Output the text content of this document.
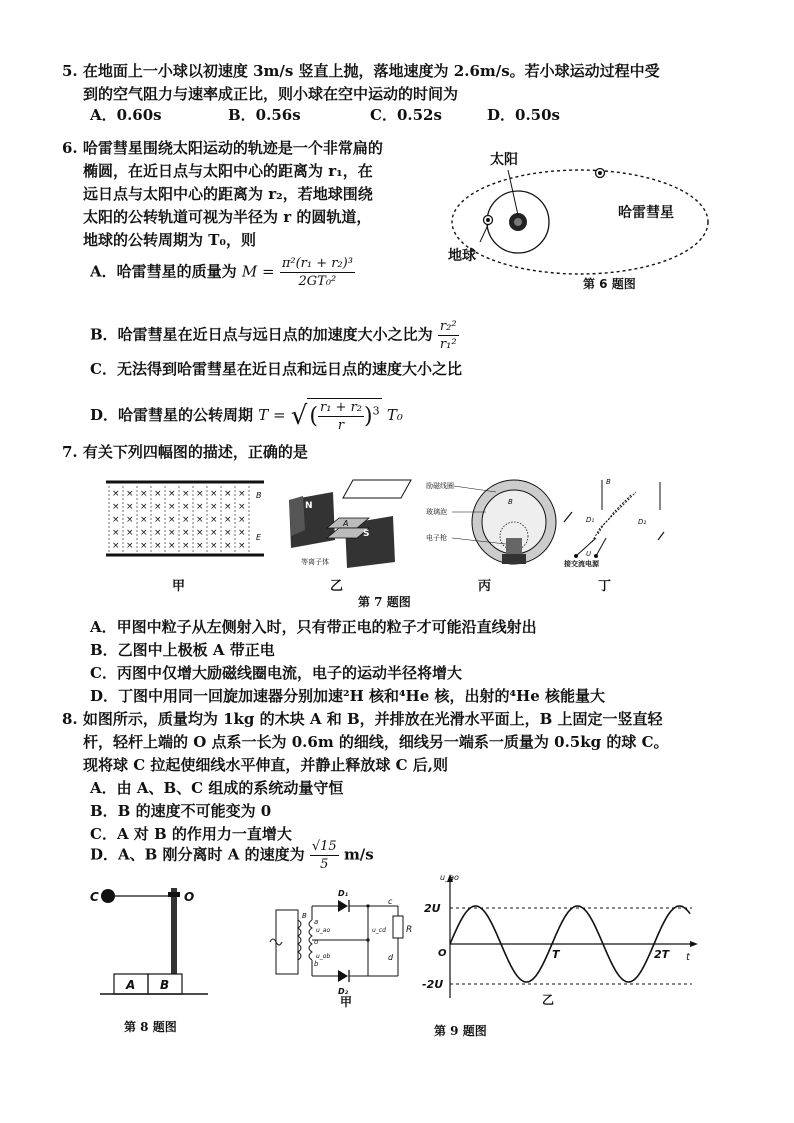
5. 在地面上一小球以初速度 3m/s 竖直上抛，落地速度为 2.6m/s。若小球运动过程中受
到的空气阻力与速率成正比，则小球在空中运动的时间为
A．0.60s	B．0.56s	C．0.52s	D．0.50s
6. 哈雷彗星围绕太阳运动的轨迹是一个非常扁的
椭圆，在近日点与太阳中心的距离为 r₁，在
远日点与太阳中心的距离为 r₂，若地球围绕
太阳的公转轨道可视为半径为 r 的圆轨道，
地球的公转周期为 T₀，则
A．哈雷彗星的质量为 $M = \frac{\text{π²(r₁ + r₂)³}}{\text{2GT₀²}}$
B．哈雷彗星在近日点与远日点的加速度大小之比为 $\frac{\text{r₂²}}{\text{r₁²}}$
C．无法得到哈雷彗星在近日点和远日点的速度大小之比
D．哈雷彗星的公转周期 T = √( $\frac{\text{r₁ + r₂}}{r} )^3$ T₀
太阳
哈雷彗星
地球
第 6 题图
7. 有关下列四幅图的描述，正确的是
× × × × × × × × × ×
× × × × × × × × × ×
× × × × × × × × × ×
× × × × × × × × × ×
× × × × × × × × × ×
B
E
甲
N
S
A
等离子体
乙
励磁线圈
玻璃泡
电子枪
B
丙
B
D₁	D₂
U
接交流电源
丁
第 7 题图
A．甲图中粒子从左侧射入时，只有带正电的粒子才可能沿直线射出
B．乙图中上极板 A 带正电
C．丙图中仅增大励磁线圈电流，电子的运动半径将增大
D．丁图中用同一回旋加速器分别加速²H 核和⁴He 核，出射的⁴He 核能量大
8. 如图所示，质量均为 1kg 的木块 A 和 B，并排放在光滑水平面上，B 上固定一竖直轻
杆，轻杆上端的 O 点系一长为 0.6m 的细线，细线另一端系一质量为 0.5kg 的球 C。
现将球 C 拉起使细线水平伸直，并静止释放球 C 后,则
A．由 A、B、C 组成的系统动量守恒
B．B 的速度不可能变为 0
C．A 对 B 的作用力一直增大
D．A、B 刚分离时 A 的速度为 $\frac{√15}{5} m/s$
C	O
A B
第 8 题图
D₁
D₂
c
d
R
u_cd
u_ao
u_ob
a
o
b
B
甲
u_ao
2U
-2U
O	T	2T t
乙
第 9 题图
